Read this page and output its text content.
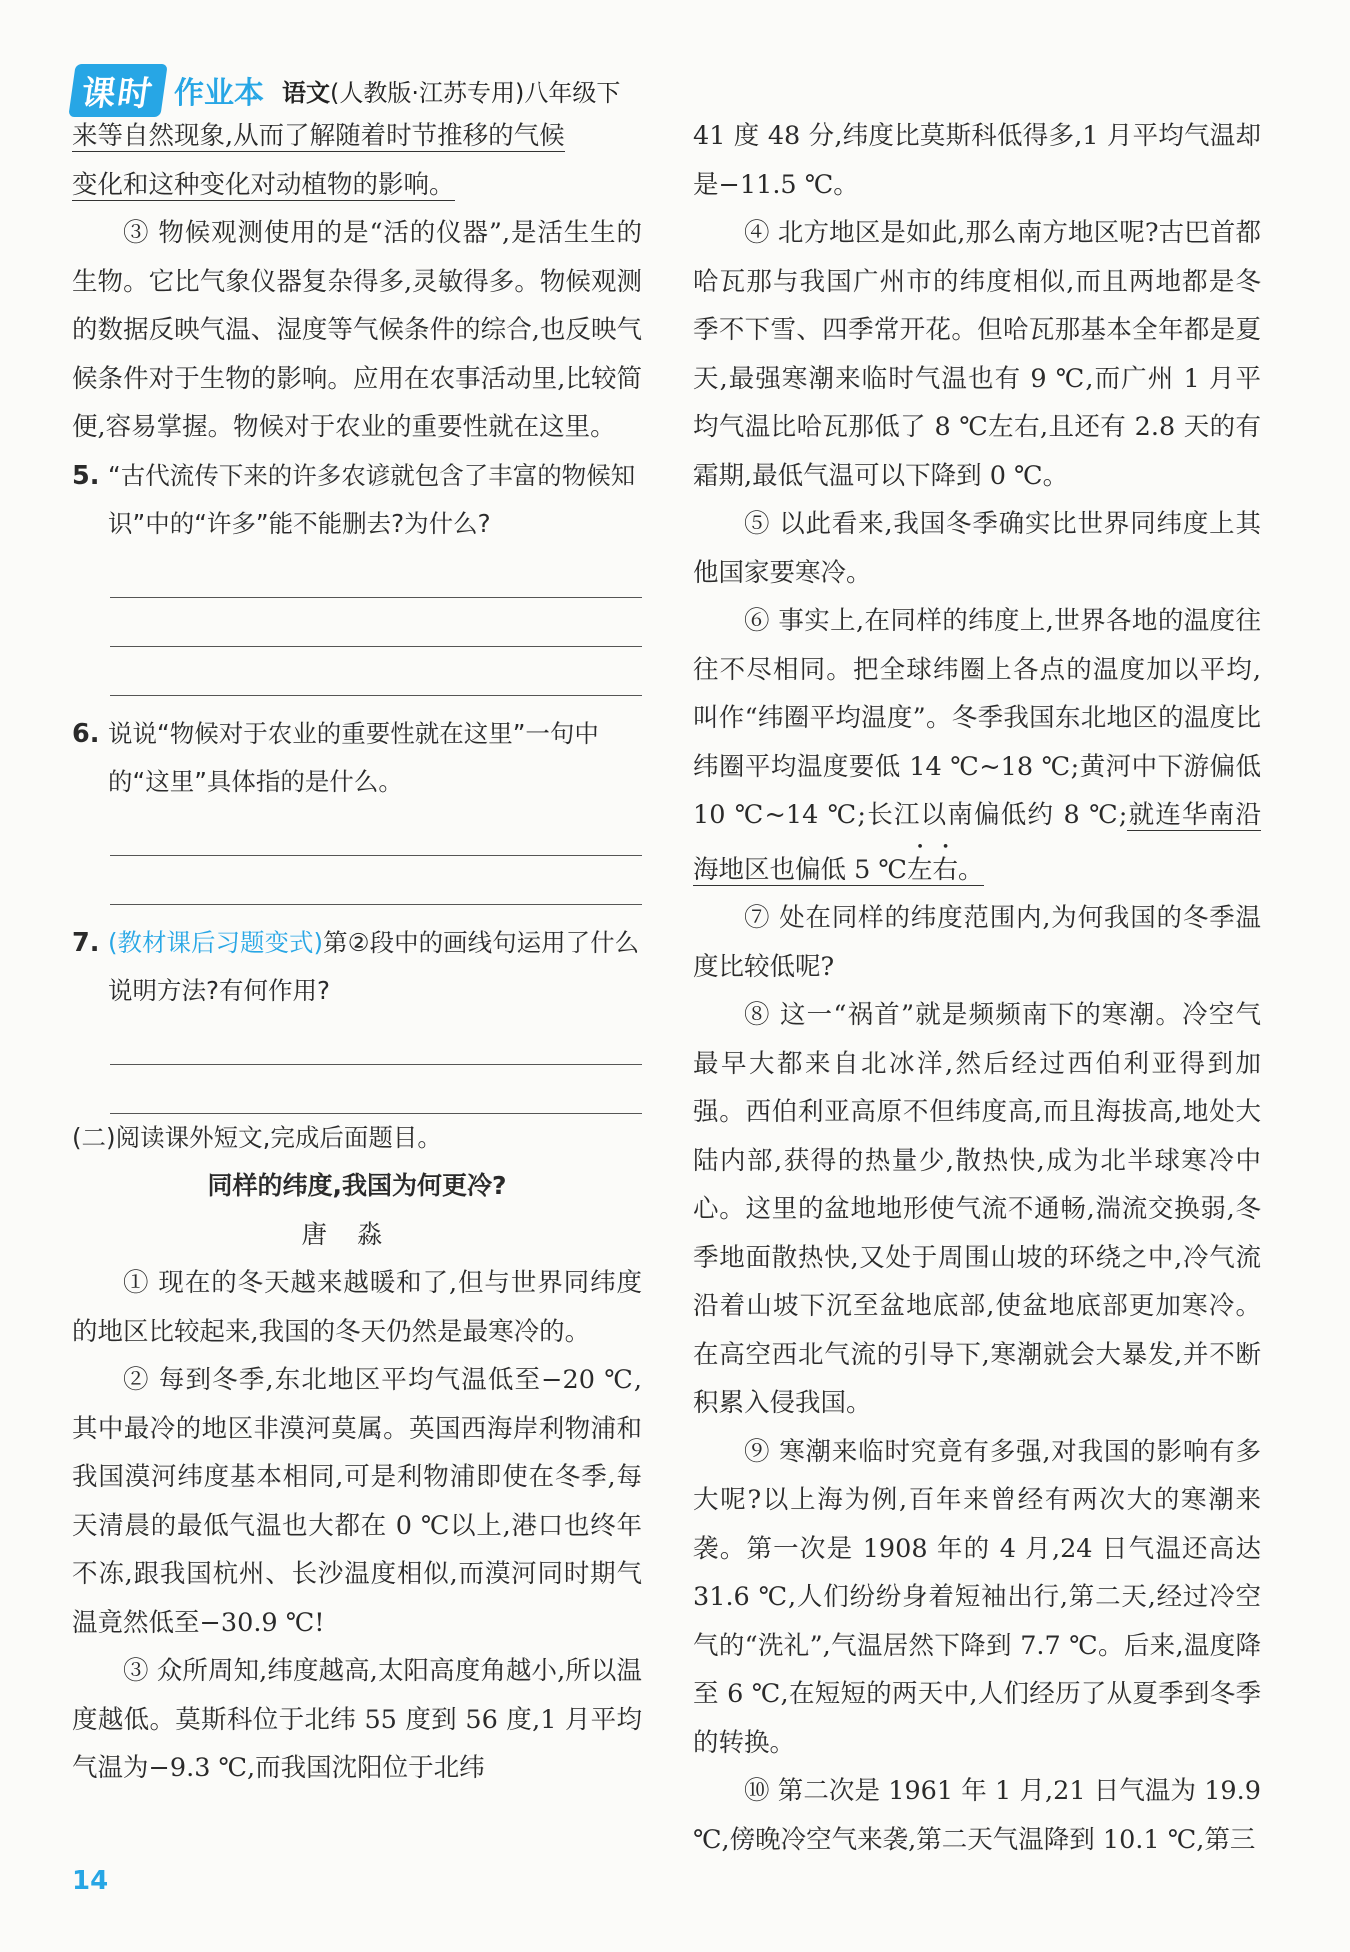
课时 作业本 语文(人教版·江苏专用)八年级下

来等自然现象,从而了解随着时节推移的气候
变化和这种变化对动植物的影响。

③ 物候观测使用的是“活的仪器”,是活生生的生物。它比气象仪器复杂得多,灵敏得多。物候观测的数据反映气温、湿度等气候条件的综合,也反映气候条件对于生物的影响。应用在农事活动里,比较简便,容易掌握。物候对于农业的重要性就在这里。

5. “古代流传下来的许多农谚就包含了丰富的物候知识”中的“许多”能不能删去?为什么?
6. 说说“物候对于农业的重要性就在这里”一句中的“这里”具体指的是什么。
7. (教材课后习题变式)第②段中的画线句运用了什么说明方法?有何作用?

(二)阅读课外短文,完成后面题目。

同样的纬度,我国为何更冷?

唐淼

① 现在的冬天越来越暖和了,但与世界同纬度的地区比较起来,我国的冬天仍然是最寒冷的。

② 每到冬季,东北地区平均气温低至−20 ℃,其中最冷的地区非漠河莫属。英国西海岸利物浦和我国漠河纬度基本相同,可是利物浦即使在冬季,每天清晨的最低气温也大都在 0 ℃以上,港口也终年不冻,跟我国杭州、长沙温度相似,而漠河同时期气温竟然低至−30.9 ℃!

③ 众所周知,纬度越高,太阳高度角越小,所以温度越低。莫斯科位于北纬 55 度到 56 度,1 月平均气温为−9.3 ℃,而我国沈阳位于北纬

41 度 48 分,纬度比莫斯科低得多,1 月平均气温却是−11.5 ℃。

④ 北方地区是如此,那么南方地区呢?古巴首都哈瓦那与我国广州市的纬度相似,而且两地都是冬季不下雪、四季常开花。但哈瓦那基本全年都是夏天,最强寒潮来临时气温也有 9 ℃,而广州 1 月平均气温比哈瓦那低了 8 ℃左右,且还有 2.8 天的有霜期,最低气温可以下降到 0 ℃。

⑤ 以此看来,我国冬季确实比世界同纬度上其他国家要寒冷。

⑥ 事实上,在同样的纬度上,世界各地的温度往往不尽相同。把全球纬圈上各点的温度加以平均,叫作“纬圈平均温度”。冬季我国东北地区的温度比纬圈平均温度要低 14 ℃~18 ℃;黄河中下游偏低 10 ℃~14 ℃;长江以南偏低约 8 ℃;就连华南沿海地区也偏低 5 ℃左右。

⑦ 处在同样的纬度范围内,为何我国的冬季温度比较低呢?

⑧ 这一“祸首”就是频频南下的寒潮。冷空气最早大都来自北冰洋,然后经过西伯利亚得到加强。西伯利亚高原不但纬度高,而且海拔高,地处大陆内部,获得的热量少,散热快,成为北半球寒冷中心。这里的盆地地形使气流不通畅,湍流交换弱,冬季地面散热快,又处于周围山坡的环绕之中,冷气流沿着山坡下沉至盆地底部,使盆地底部更加寒冷。在高空西北气流的引导下,寒潮就会大暴发,并不断积累入侵我国。

⑨ 寒潮来临时究竟有多强,对我国的影响有多大呢?以上海为例,百年来曾经有两次大的寒潮来袭。第一次是 1908 年的 4 月,24 日气温还高达 31.6 ℃,人们纷纷身着短袖出行,第二天,经过冷空气的“洗礼”,气温居然下降到 7.7 ℃。后来,温度降至 6 ℃,在短短的两天中,人们经历了从夏季到冬季的转换。

⑩ 第二次是 1961 年 1 月,21 日气温为 19.9 ℃,傍晚冷空气来袭,第二天气温降到 10.1 ℃,第三

14
